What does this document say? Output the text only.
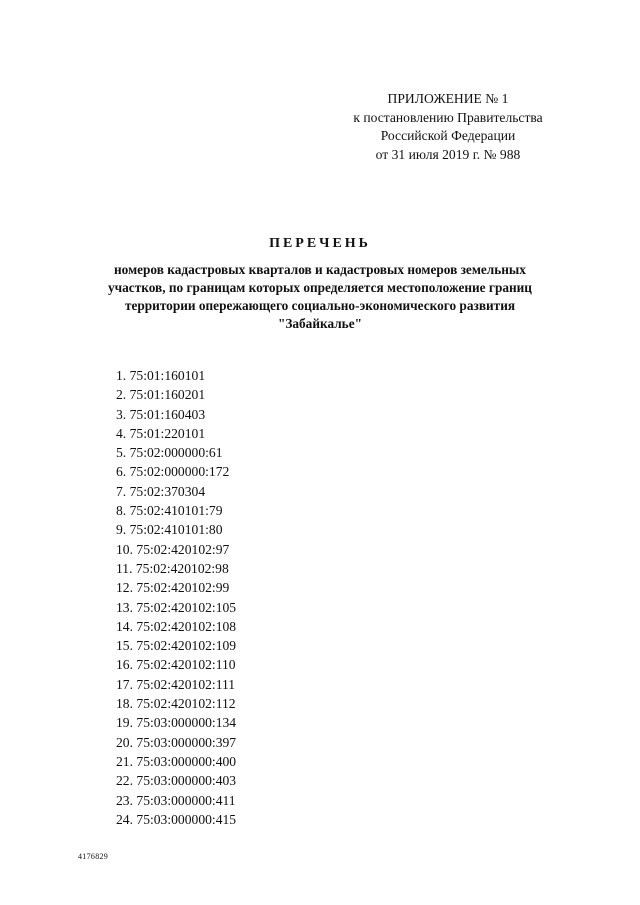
ПРИЛОЖЕНИЕ № 1
к постановлению Правительства
Российской Федерации
от 31 июля 2019 г. № 988
ПЕРЕЧЕНЬ
номеров кадастровых кварталов и кадастровых номеров земельных
участков, по границам которых определяется местоположение границ
территории опережающего социально-экономического развития
"Забайкалье"
1. 75:01:160101
2. 75:01:160201
3. 75:01:160403
4. 75:01:220101
5. 75:02:000000:61
6. 75:02:000000:172
7. 75:02:370304
8. 75:02:410101:79
9. 75:02:410101:80
10. 75:02:420102:97
11. 75:02:420102:98
12. 75:02:420102:99
13. 75:02:420102:105
14. 75:02:420102:108
15. 75:02:420102:109
16. 75:02:420102:110
17. 75:02:420102:111
18. 75:02:420102:112
19. 75:03:000000:134
20. 75:03:000000:397
21. 75:03:000000:400
22. 75:03:000000:403
23. 75:03:000000:411
24. 75:03:000000:415
4176829
